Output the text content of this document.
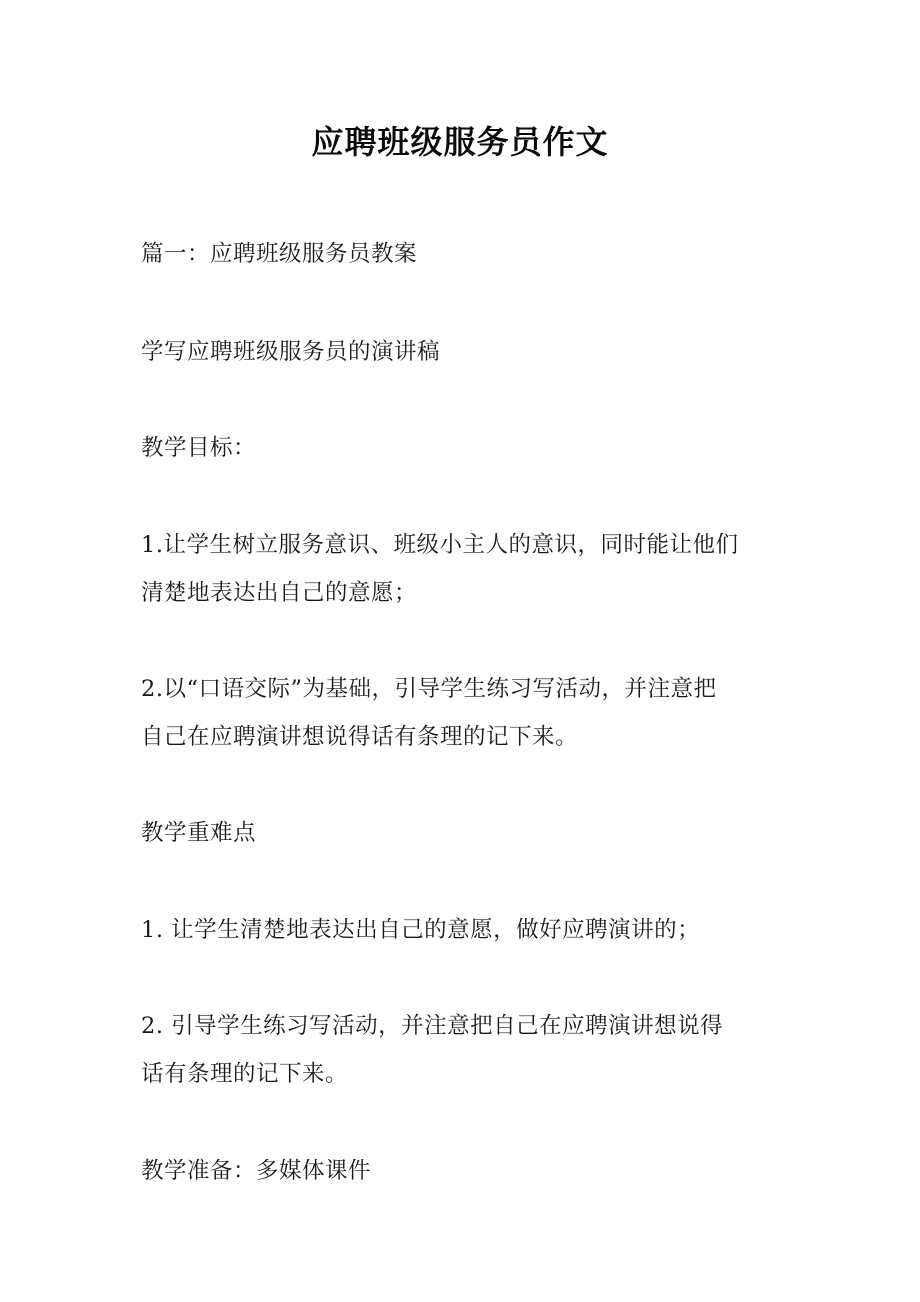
应聘班级服务员作文
篇一：应聘班级服务员教案
学写应聘班级服务员的演讲稿
教学目标：
1.让学生树立服务意识、班级小主人的意识，同时能让他们
清楚地表达出自己的意愿；
2.以“口语交际”为基础，引导学生练习写活动，并注意把
自己在应聘演讲想说得话有条理的记下来。
教学重难点
1. 让学生清楚地表达出自己的意愿，做好应聘演讲的；
2. 引导学生练习写活动，并注意把自己在应聘演讲想说得
话有条理的记下来。
教学准备：多媒体课件
